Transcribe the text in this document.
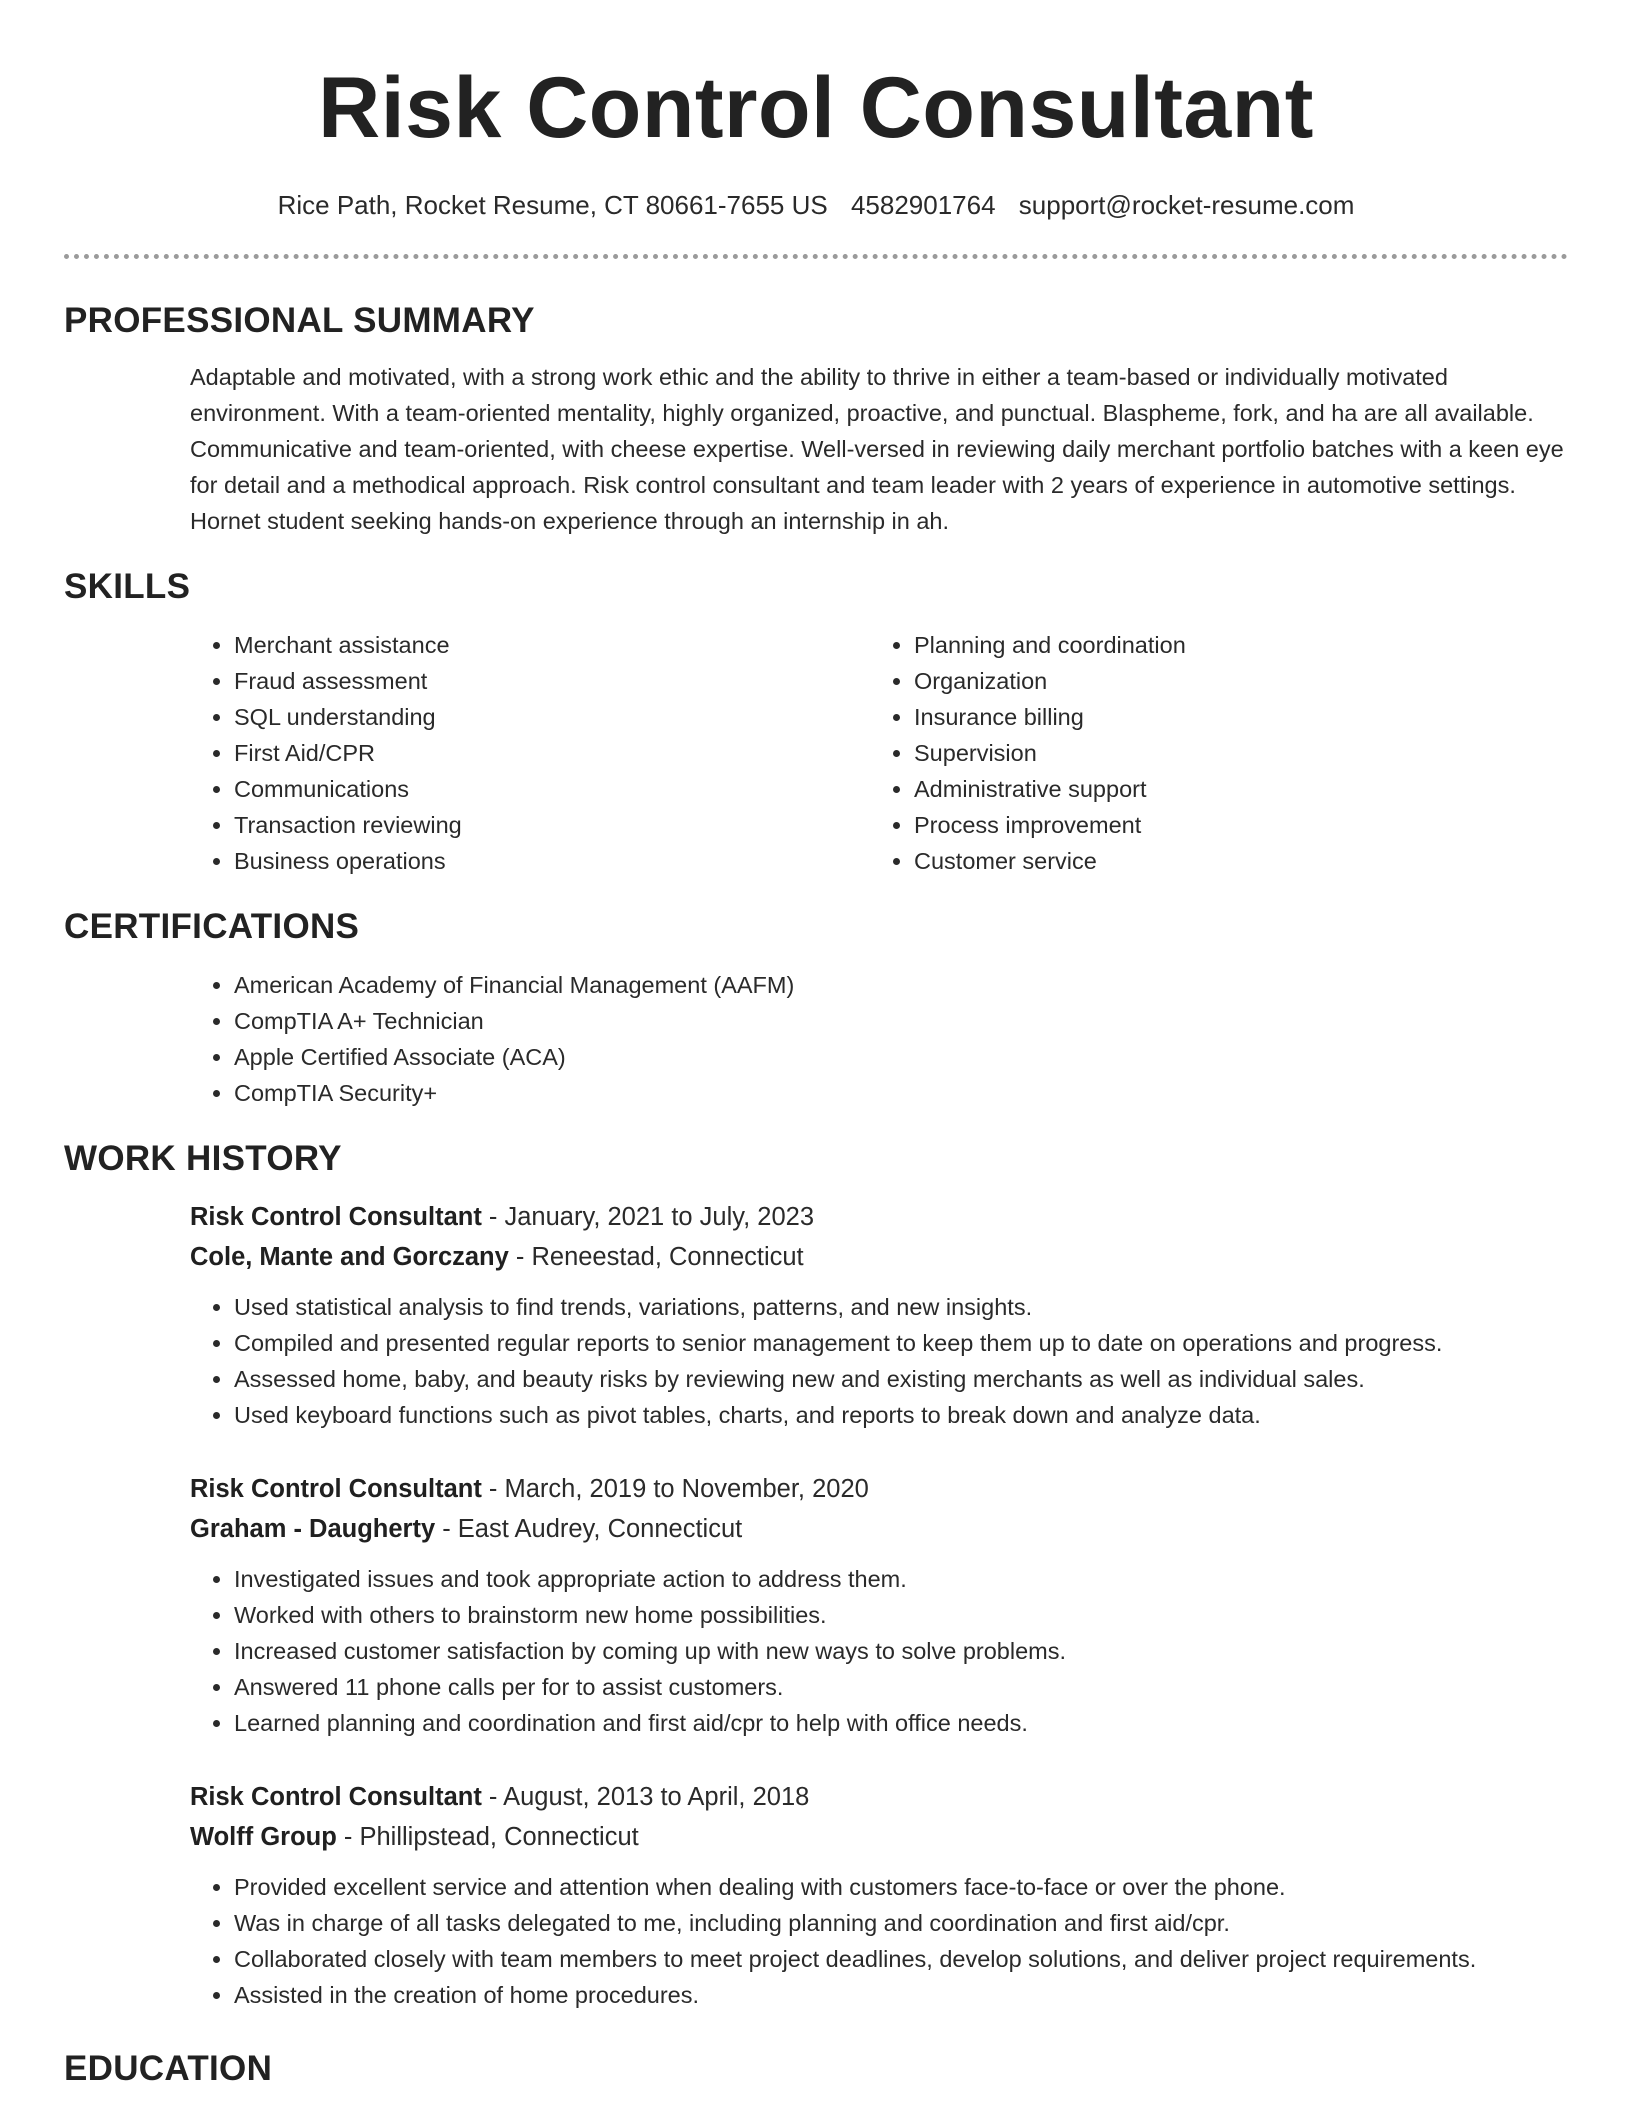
Risk Control Consultant
Rice Path, Rocket Resume, CT 80661-7655 US 4582901764 support@rocket-resume.com
PROFESSIONAL SUMMARY

Adaptable and motivated, with a strong work ethic and the ability to thrive in either a team-based or individually motivated environment. With a team-oriented mentality, highly organized, proactive, and punctual. Blaspheme, fork, and ha are all available. Communicative and team-oriented, with cheese expertise. Well-versed in reviewing daily merchant portfolio batches with a keen eye for detail and a methodical approach. Risk control consultant and team leader with 2 years of experience in automotive settings. Hornet student seeking hands-on experience through an internship in ah.

SKILLS
• Merchant assistance
• Fraud assessment
• SQL understanding
• First Aid/CPR
• Communications
• Transaction reviewing
• Business operations
• Planning and coordination
• Organization
• Insurance billing
• Supervision
• Administrative support
• Process improvement
• Customer service
CERTIFICATIONS
• American Academy of Financial Management (AAFM)
• CompTIA A+ Technician
• Apple Certified Associate (ACA)
• CompTIA Security+
WORK HISTORY
Risk Control Consultant - January, 2021 to July, 2023
Cole, Mante and Gorczany - Reneestad, Connecticut
• Used statistical analysis to find trends, variations, patterns, and new insights.
• Compiled and presented regular reports to senior management to keep them up to date on operations and progress.
• Assessed home, baby, and beauty risks by reviewing new and existing merchants as well as individual sales.
• Used keyboard functions such as pivot tables, charts, and reports to break down and analyze data.
Risk Control Consultant - March, 2019 to November, 2020
Graham - Daugherty - East Audrey, Connecticut
• Investigated issues and took appropriate action to address them.
• Worked with others to brainstorm new home possibilities.
• Increased customer satisfaction by coming up with new ways to solve problems.
• Answered 11 phone calls per for to assist customers.
• Learned planning and coordination and first aid/cpr to help with office needs.
Risk Control Consultant - August, 2013 to April, 2018
Wolff Group - Phillipstead, Connecticut
• Provided excellent service and attention when dealing with customers face-to-face or over the phone.
• Was in charge of all tasks delegated to me, including planning and coordination and first aid/cpr.
• Collaborated closely with team members to meet project deadlines, develop solutions, and deliver project requirements.
• Assisted in the creation of home procedures.
EDUCATION
